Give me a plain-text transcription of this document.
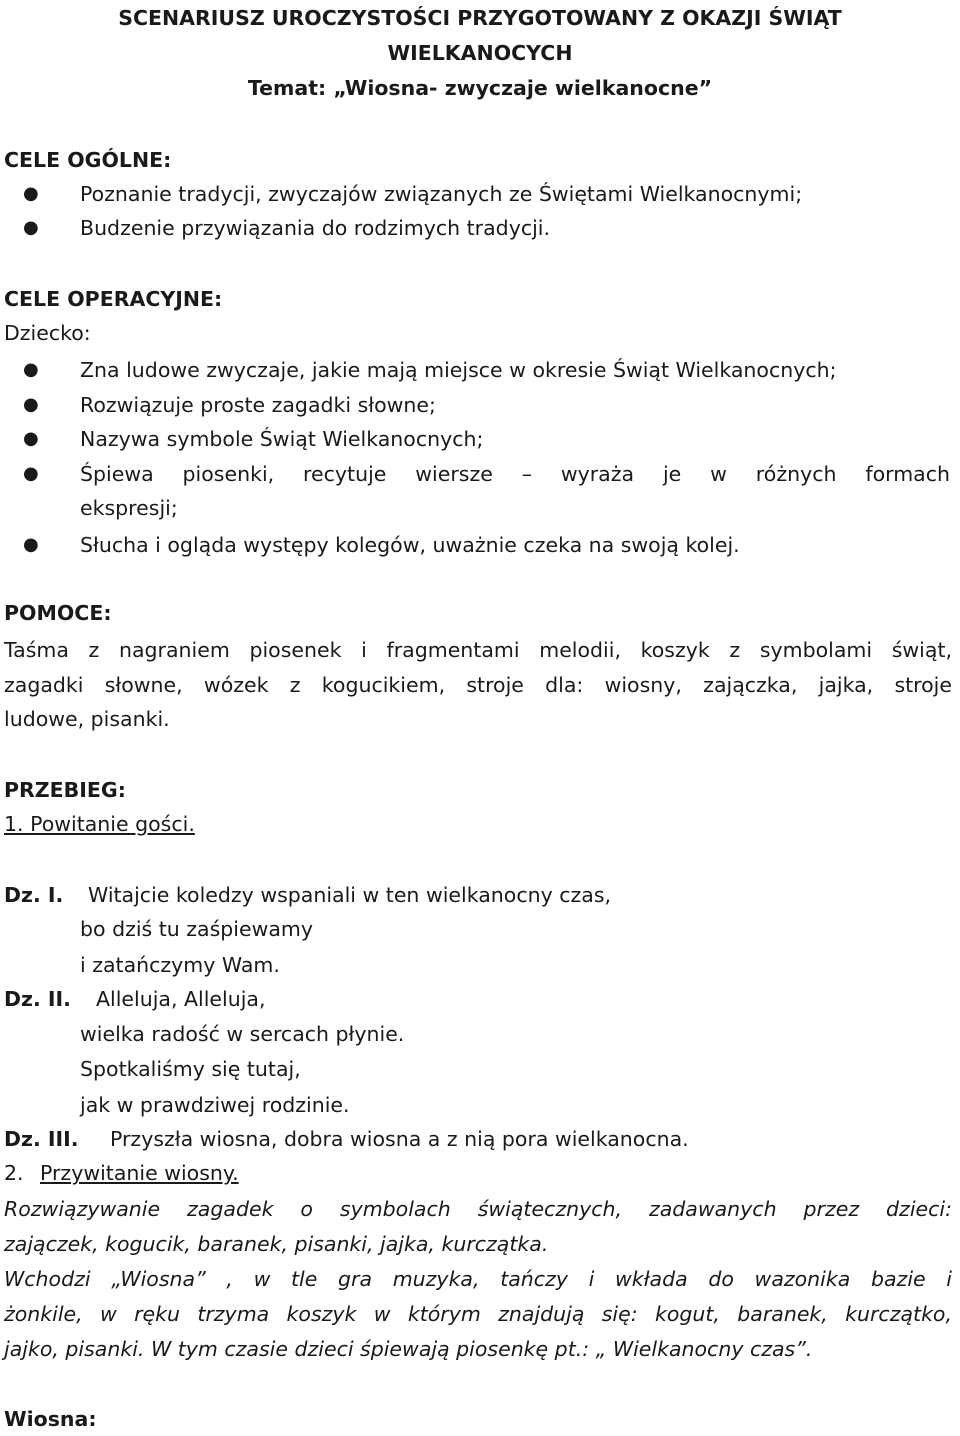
SCENARIUSZ UROCZYSTOŚCI PRZYGOTOWANY Z OKAZJI ŚWIĄT
WIELKANOCYCH
Temat: „Wiosna- zwyczaje wielkanocne”
CELE OGÓLNE:
● Poznanie tradycji, zwyczajów związanych ze Świętami Wielkanocnymi;
● Budzenie przywiązania do rodzimych tradycji.
CELE OPERACYJNE:
Dziecko:
● Zna ludowe zwyczaje, jakie mają miejsce w okresie Świąt Wielkanocnych;
● Rozwiązuje proste zagadki słowne;
● Nazywa symbole Świąt Wielkanocnych;
● Śpiewa piosenki, recytuje wiersze – wyraża je w różnych formach
ekspresji;
● Słucha i ogląda występy kolegów, uważnie czeka na swoją kolej.
POMOCE:
Taśma z nagraniem piosenek i fragmentami melodii, koszyk z symbolami świąt,
zagadki słowne, wózek z kogucikiem, stroje dla: wiosny, zajączka, jajka, stroje
ludowe, pisanki.
PRZEBIEG:
1. Powitanie gości.
Dz. I. Witajcie koledzy wspaniali w ten wielkanocny czas,
bo dziś tu zaśpiewamy
i zatańczymy Wam.
Dz. II. Alleluja, Alleluja,
wielka radość w sercach płynie.
Spotkaliśmy się tutaj,
jak w prawdziwej rodzinie.
Dz. III. Przyszła wiosna, dobra wiosna a z nią pora wielkanocna.
2. Przywitanie wiosny.
Rozwiązywanie zagadek o symbolach świątecznych, zadawanych przez dzieci:
zajączek, kogucik, baranek, pisanki, jajka, kurczątka.
Wchodzi „Wiosna” , w tle gra muzyka, tańczy i wkłada do wazonika bazie i
żonkile, w ręku trzyma koszyk w którym znajdują się: kogut, baranek, kurczątko,
jajko, pisanki. W tym czasie dzieci śpiewają piosenkę pt.: „ Wielkanocny czas”.
Wiosna:
